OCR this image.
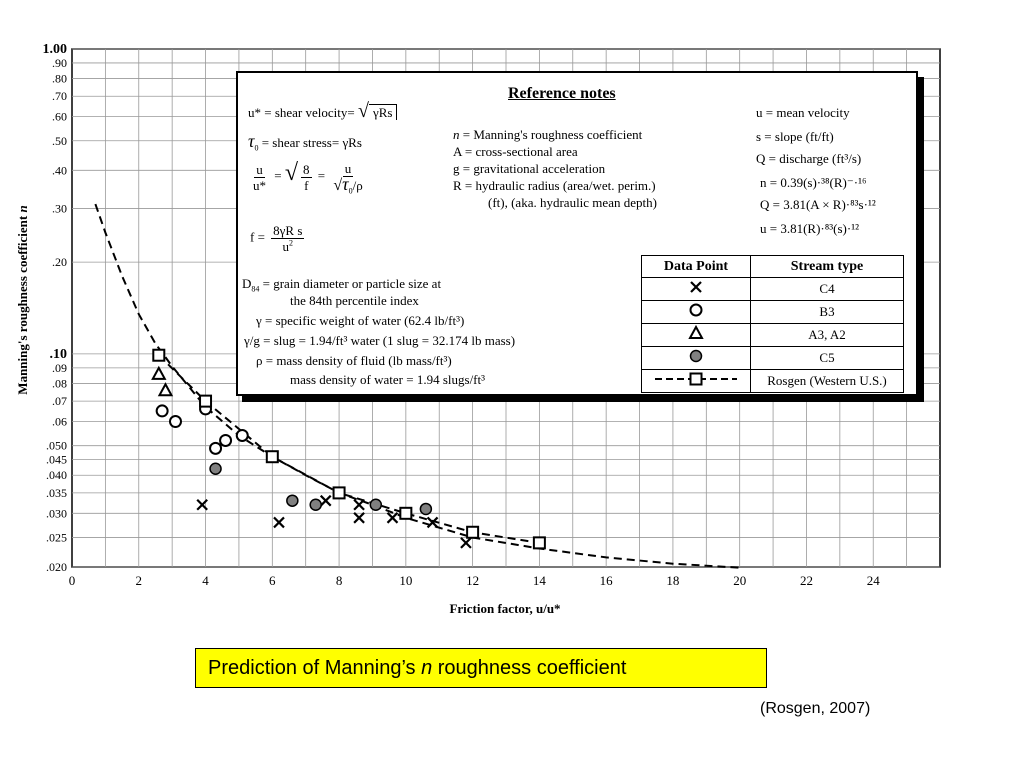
1.00
.90
.80
.70
.60
.50
.40
.30
.20
.10
.09
.08
.07
.06
.050
.045
.040
.035
.030
.025
.020
0	2	4	6	8	10	12	14	16	18	20	22	24
Friction factor, u/u*
Manning's roughness coefficient n
Reference notes
u* = shear velocity= √ γRs
$\tau_0$ = shear stress= γRs
$\frac{u}{u*}$ = √ $\frac{8}{f} = \frac{u}{√\tau_0/\rho}$
$f = \frac{\text{8γR s}}{u^2}$
n = Manning's roughness coefficient
A = cross-sectional area
g = gravitational acceleration
R = hydraulic radius (area/wet. perim.)
(ft), (aka. hydraulic mean depth)
u = mean velocity
s = slope (ft/ft)
Q = discharge (ft³/s)
n = 0.39(s)·³⁸(R)⁻·¹⁶
Q = 3.81(A × R)·⁸³s·¹²
u = 3.81(R)·⁸³(s)·¹²
$D_{84}$ = grain diameter or particle size at
the 84th percentile index
γ = specific weight of water (62.4 lb/ft³)
γ/g = slug = 1.94/ft³ water (1 slug = 32.174 lb mass)
ρ = mass density of fluid (lb mass/ft³)
mass density of water = 1.94 slugs/ft³
Data Point	Stream type
	C4
	B3
	A3, A2
	C5
	Rosgen (Western U.S.)
Prediction of Manning’s n roughness coefficient
(Rosgen, 2007)
